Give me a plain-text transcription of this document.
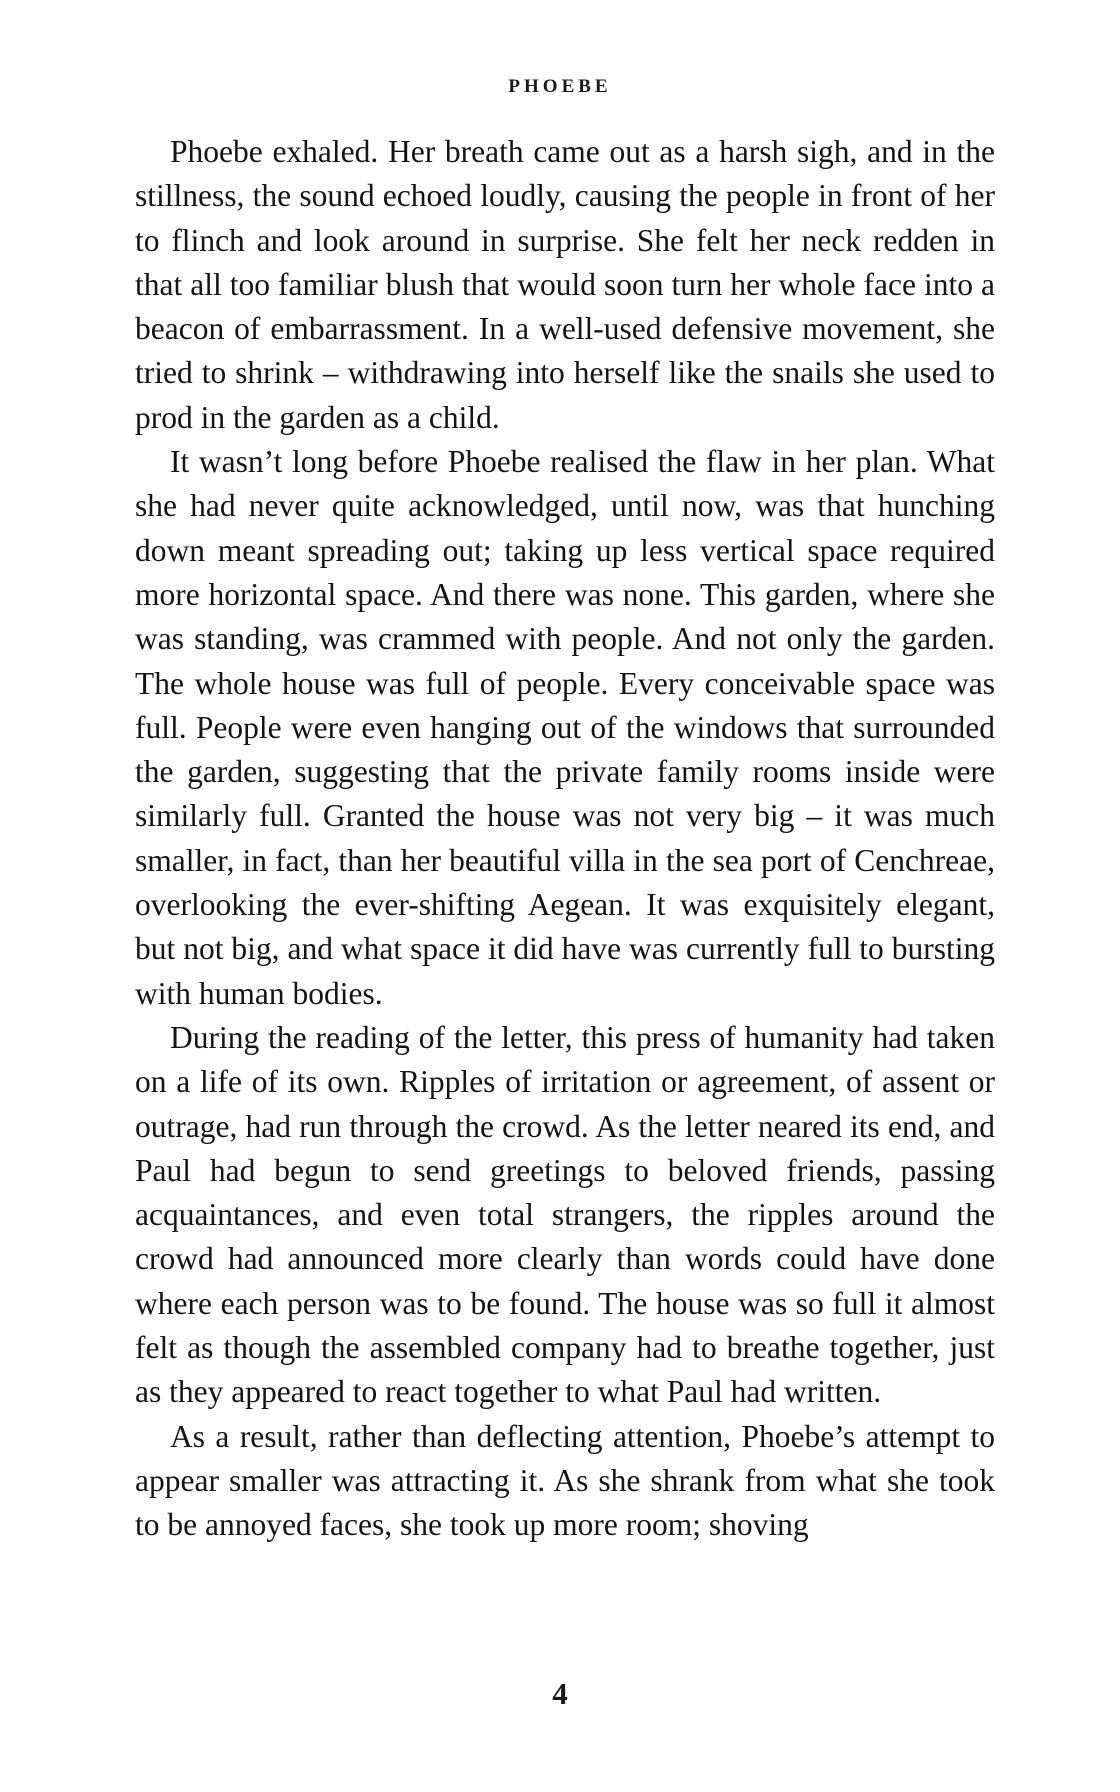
PHOEBE

Phoebe exhaled. Her breath came out as a harsh sigh, and in the stillness, the sound echoed loudly, causing the people in front of her to flinch and look around in surprise. She felt her neck redden in that all too familiar blush that would soon turn her whole face into a beacon of embarrassment. In a well-used defensive movement, she tried to shrink – withdrawing into herself like the snails she used to prod in the garden as a child.

It wasn’t long before Phoebe realised the flaw in her plan. What she had never quite acknowledged, until now, was that hunching down meant spreading out; taking up less vertical space required more horizontal space. And there was none. This garden, where she was standing, was crammed with people. And not only the garden. The whole house was full of people. Every conceivable space was full. People were even hanging out of the windows that surrounded the garden, suggesting that the private family rooms inside were similarly full. Granted the house was not very big – it was much smaller, in fact, than her beautiful villa in the sea port of Cenchreae, overlooking the ever-shifting Aegean. It was exquisitely elegant, but not big, and what space it did have was currently full to bursting with human bodies.

During the reading of the letter, this press of humanity had taken on a life of its own. Ripples of irritation or agreement, of assent or outrage, had run through the crowd. As the letter neared its end, and Paul had begun to send greetings to beloved friends, passing acquaintances, and even total strangers, the ripples around the crowd had announced more clearly than words could have done where each person was to be found. The house was so full it almost felt as though the assembled company had to breathe together, just as they appeared to react together to what Paul had written.

As a result, rather than deflecting attention, Phoebe’s attempt to appear smaller was attracting it. As she shrank from what she took to be annoyed faces, she took up more room; shoving

4
